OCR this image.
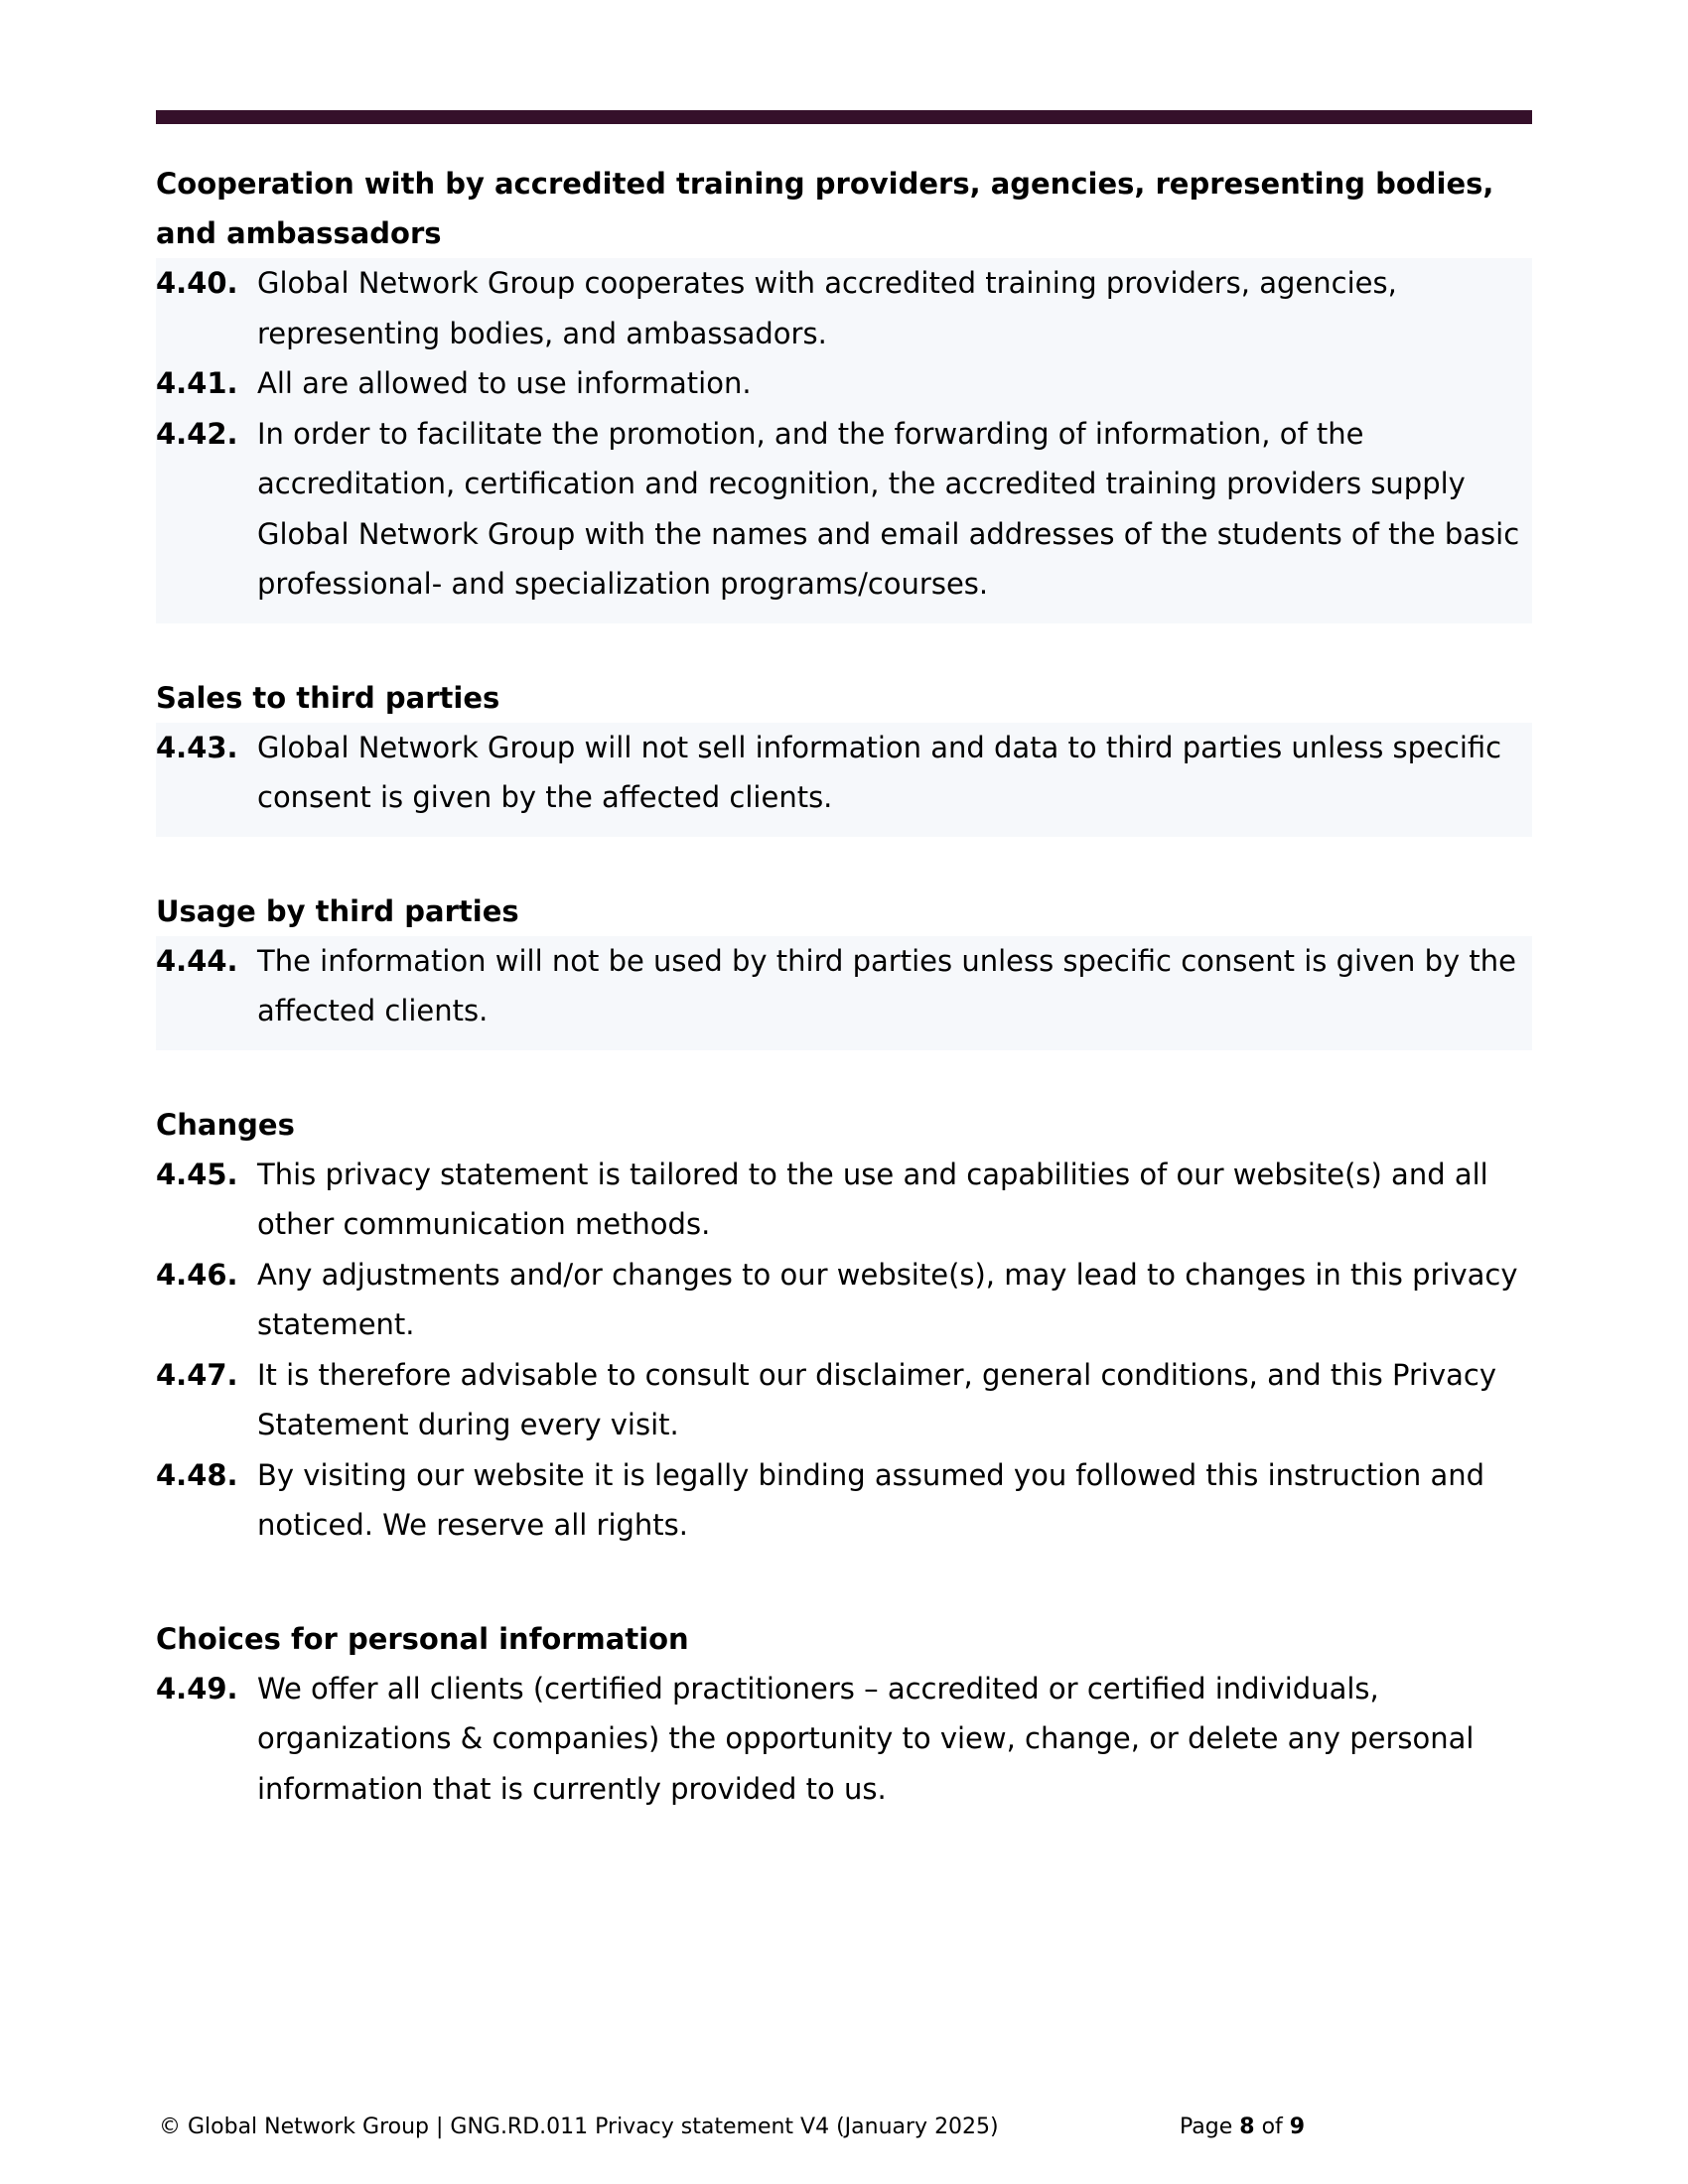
Cooperation with by accredited training providers, agencies, representing bodies, and ambassadors

4.40. Global Network Group cooperates with accredited training providers, agencies, representing bodies, and ambassadors.
4.41. All are allowed to use information.
4.42. In order to facilitate the promotion, and the forwarding of information, of the accreditation, certification and recognition, the accredited training providers supply Global Network Group with the names and email addresses of the students of the basic professional- and specialization programs/courses.

Sales to third parties

4.43. Global Network Group will not sell information and data to third parties unless specific consent is given by the affected clients.

Usage by third parties

4.44. The information will not be used by third parties unless specific consent is given by the affected clients.

Changes

4.45. This privacy statement is tailored to the use and capabilities of our website(s) and all other communication methods.
4.46. Any adjustments and/or changes to our website(s), may lead to changes in this privacy statement.
4.47. It is therefore advisable to consult our disclaimer, general conditions, and this Privacy Statement during every visit.
4.48. By visiting our website it is legally binding assumed you followed this instruction and noticed. We reserve all rights.

Choices for personal information

4.49. We offer all clients (certified practitioners – accredited or certified individuals, organizations & companies) the opportunity to view, change, or delete any personal information that is currently provided to us.
© Global Network Group | GNG.RD.011 Privacy statement V4 (January 2025)	Page 8 of 9
